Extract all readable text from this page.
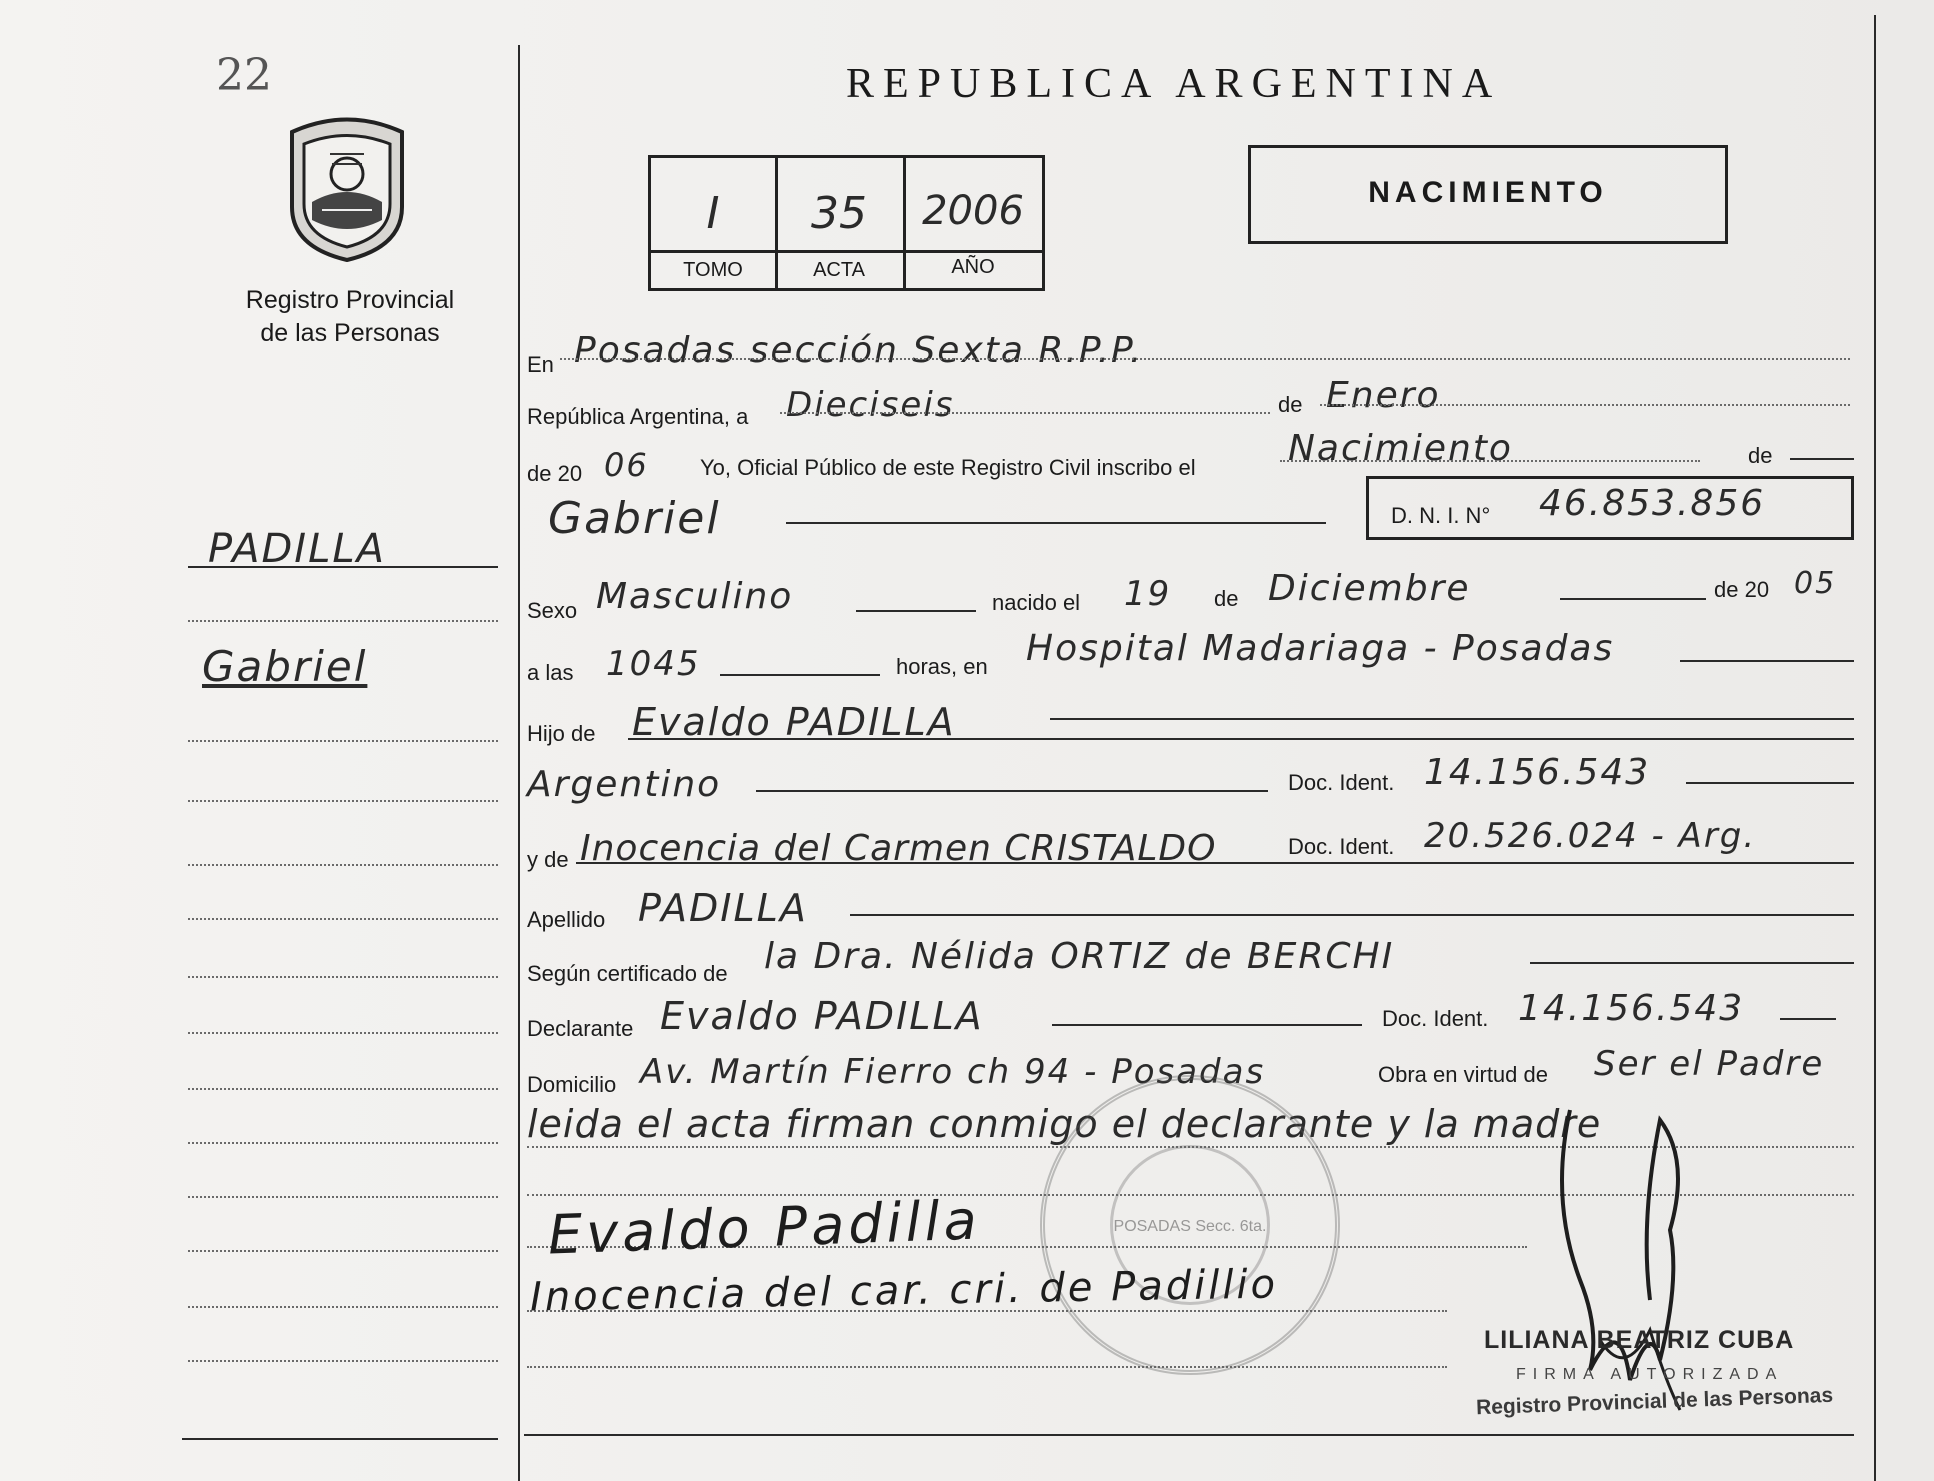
22
Registro Provincial
de las Personas
PADILLA
Gabriel
REPUBLICA ARGENTINA
I	35	2006
TOMO	ACTA	AÑO
NACIMIENTO
En Posadas sección Sexta R.P.P.
República Argentina, a Dieciseis	de Enero
de 20 06 Yo, Oficial Público de este Registro Civil inscribo el	Nacimiento	de
Gabriel	D. N. I. N° 46.853.856
Sexo Masculino	nacido el 19 de Diciembre	de 20 05
a las 1045	horas, en Hospital Madariaga - Posadas
Hijo de Evaldo PADILLA
Argentino	Doc. Ident. 14.156.543
y de Inocencia del Carmen CRISTALDO	Doc. Ident. 20.526.024 - Arg.
Apellido PADILLA
Según certificado de la Dra. Nélida ORTIZ de BERCHI
Declarante Evaldo PADILLA	Doc. Ident. 14.156.543
Domicilio Av. Martín Fierro ch 94 - Posadas	Obra en virtud de Ser el Padre
leida el acta firman conmigo el declarante y la madre
POSADAS Secc. 6ta.
Evaldo Padilla
Inocencia del car. cri. de Padillio
LILIANA BEATRIZ CUBA
FIRMA AUTORIZADA
Registro Provincial de las Personas
